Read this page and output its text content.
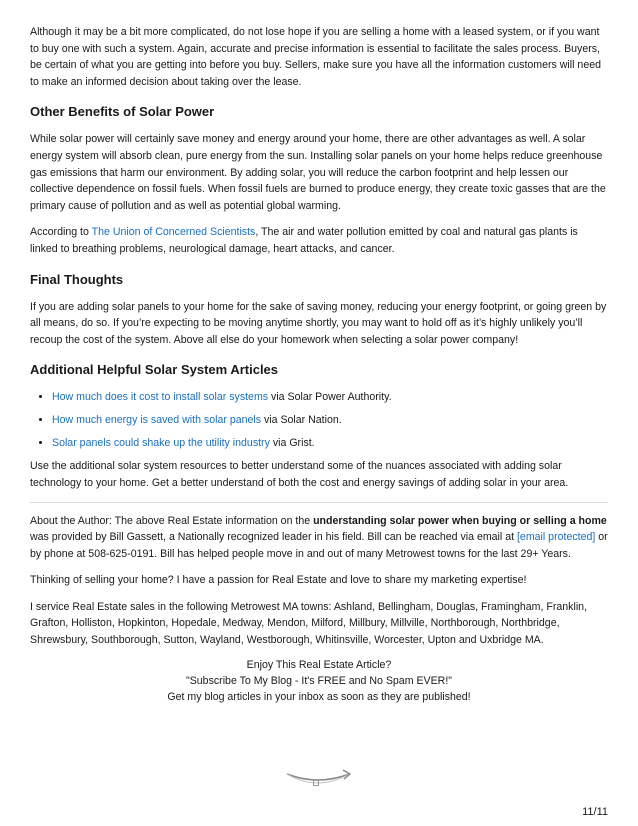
Although it may be a bit more complicated, do not lose hope if you are selling a home with a leased system, or if you want to buy one with such a system. Again, accurate and precise information is essential to facilitate the sales process. Buyers, be certain of what you are getting into before you buy. Sellers, make sure you have all the information customers will need to make an informed decision about taking over the lease.

Other Benefits of Solar Power

While solar power will certainly save money and energy around your home, there are other advantages as well. A solar energy system will absorb clean, pure energy from the sun. Installing solar panels on your home helps reduce greenhouse gas emissions that harm our environment. By adding solar, you will reduce the carbon footprint and help lessen our collective dependence on fossil fuels. When fossil fuels are burned to produce energy, they create toxic gasses that are the primary cause of pollution and as well as potential global warming.

According to The Union of Concerned Scientists, The air and water pollution emitted by coal and natural gas plants is linked to breathing problems, neurological damage, heart attacks, and cancer.

Final Thoughts

If you are adding solar panels to your home for the sake of saving money, reducing your energy footprint, or going green by all means, do so. If you’re expecting to be moving anytime shortly, you may want to hold off as it’s highly unlikely you’ll recoup the cost of the system. Above all else do your homework when selecting a solar power company!

Additional Helpful Solar System Articles
• How much does it cost to install solar systems via Solar Power Authority.
• How much energy is saved with solar panels via Solar Nation.
• Solar panels could shake up the utility industry via Grist.

Use the additional solar system resources to better understand some of the nuances associated with adding solar technology to your home. Get a better understand of both the cost and energy savings of adding solar in your area.

About the Author: The above Real Estate information on the understanding solar power when buying or selling a home was provided by Bill Gassett, a Nationally recognized leader in his field. Bill can be reached via email at [email protected] or by phone at 508-625-0191. Bill has helped people move in and out of many Metrowest towns for the last 29+ Years.

Thinking of selling your home? I have a passion for Real Estate and love to share my marketing expertise!

I service Real Estate sales in the following Metrowest MA towns: Ashland, Bellingham, Douglas, Framingham, Franklin, Grafton, Holliston, Hopkinton, Hopedale, Medway, Mendon, Milford, Millbury, Millville, Northborough, Northbridge, Shrewsbury, Southborough, Sutton, Wayland, Westborough, Whitinsville, Worcester, Upton and Uxbridge MA.

Enjoy This Real Estate Article?
"Subscribe To My Blog - It's FREE and No Spam EVER!"
Get my blog articles in your inbox as soon as they are published!
11/11
